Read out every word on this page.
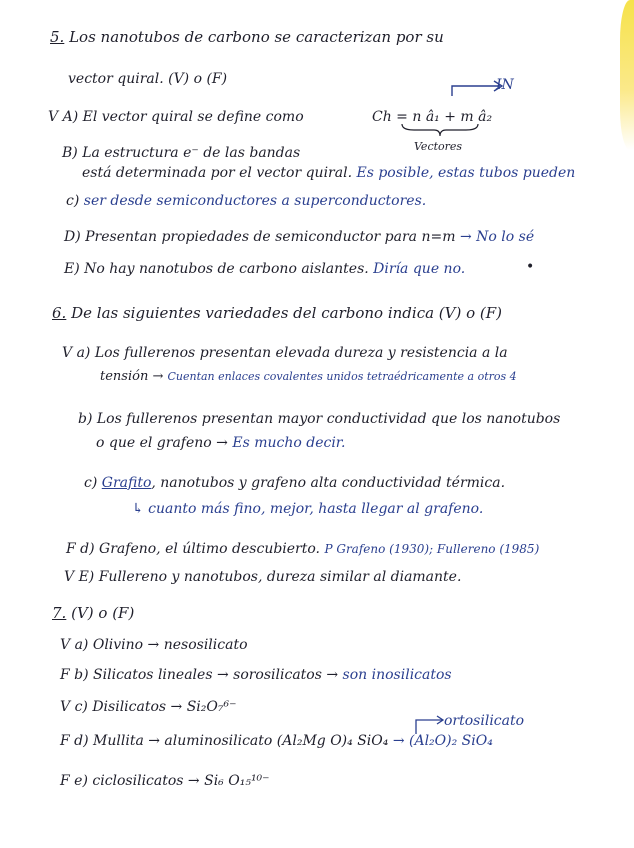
5. Los nanotubos de carbono se caracterizan por su
vector quiral. (V) o (F)	IN
V A) El vector quiral se define como	Ch = n â₁ + m â₂
Vectores
B) La estructura e⁻ de las bandas
está determinada por el vector quiral. Es posible, estas tubos pueden
c) ser desde semiconductores a superconductores.
D) Presentan propiedades de semiconductor para n=m → No lo sé
E) No hay nanotubos de carbono aislantes. Diría que no.	•
6. De las siguientes variedades del carbono indica (V) o (F)
V a) Los fullerenos presentan elevada dureza y resistencia a la
tensión → Cuentan enlaces covalentes unidos tetraédricamente a otros 4
b) Los fullerenos presentan mayor conductividad que los nanotubos
o que el grafeno → Es mucho decir.
c) Grafito, nanotubos y grafeno alta conductividad térmica.
↳ cuanto más fino, mejor, hasta llegar al grafeno.
F d) Grafeno, el último descubierto. P Grafeno (1930); Fullereno (1985)
V E) Fullereno y nanotubos, dureza similar al diamante.
7. (V) o (F)
V a) Olivino → nesosilicato
F b) Silicatos lineales → sorosilicatos → son inosilicatos
V c) Disilicatos → Si₂O₇⁶⁻
ortosilicato
F d) Mullita → aluminosilicato (Al₂Mg O)₄ SiO₄ → (Al₂O)₂ SiO₄
F e) ciclosilicatos → Si₆ O₁₅¹⁰⁻
